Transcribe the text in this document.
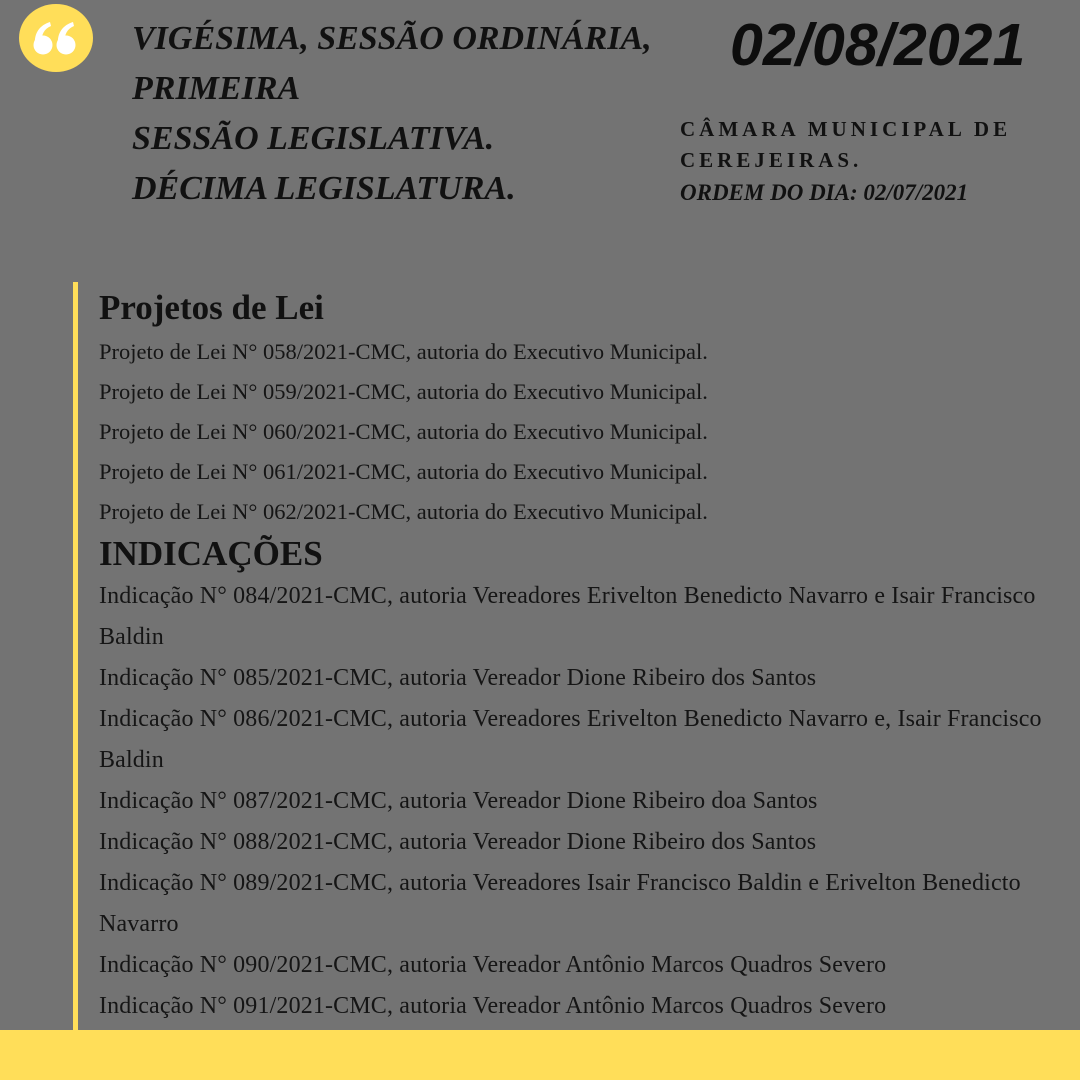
VIGÉSIMA, SESSÃO ORDINÁRIA,
PRIMEIRA
SESSÃO LEGISLATIVA.
DÉCIMA LEGISLATURA.
02/08/2021
CÂMARA MUNICIPAL DE CEREJEIRAS.
ORDEM DO DIA: 02/07/2021
Projetos de Lei
Projeto de Lei N° 058/2021-CMC, autoria do Executivo Municipal.
Projeto de Lei N° 059/2021-CMC, autoria do Executivo Municipal.
Projeto de Lei N° 060/2021-CMC, autoria do Executivo Municipal.
Projeto de Lei N° 061/2021-CMC, autoria do Executivo Municipal.
Projeto de Lei N° 062/2021-CMC, autoria do Executivo Municipal.
INDICAÇÕES
Indicação N° 084/2021-CMC, autoria Vereadores Erivelton Benedicto Navarro e Isair Francisco Baldin
Indicação N° 085/2021-CMC, autoria Vereador Dione Ribeiro dos Santos
Indicação N° 086/2021-CMC, autoria Vereadores Erivelton Benedicto Navarro e, Isair Francisco Baldin
Indicação N° 087/2021-CMC, autoria Vereador Dione Ribeiro doa Santos
Indicação N° 088/2021-CMC, autoria Vereador Dione Ribeiro dos Santos
Indicação N° 089/2021-CMC, autoria Vereadores Isair Francisco Baldin e Erivelton Benedicto Navarro
Indicação N° 090/2021-CMC, autoria Vereador Antônio Marcos Quadros Severo
Indicação N° 091/2021-CMC, autoria Vereador Antônio Marcos Quadros Severo
